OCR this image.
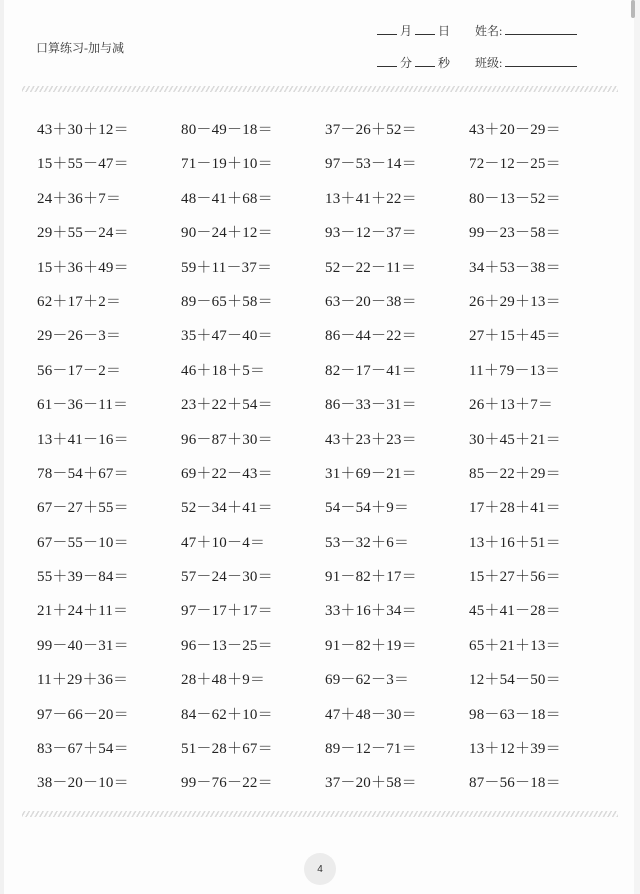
口算练习-加与减
月 日 姓名:
分 秒 班级:
43＋30＋12＝	80－49－18＝	37－26＋52＝	43＋20－29＝
15＋55－47＝	71－19＋10＝	97－53－14＝	72－12－25＝
24＋36＋7＝	48－41＋68＝	13＋41＋22＝	80－13－52＝
29＋55－24＝	90－24＋12＝	93－12－37＝	99－23－58＝
15＋36＋49＝	59＋11－37＝	52－22－11＝	34＋53－38＝
62＋17＋2＝	89－65＋58＝	63－20－38＝	26＋29＋13＝
29－26－3＝	35＋47－40＝	86－44－22＝	27＋15＋45＝
56－17－2＝	46＋18＋5＝	82－17－41＝	11＋79－13＝
61－36－11＝	23＋22＋54＝	86－33－31＝	26＋13＋7＝
13＋41－16＝	96－87＋30＝	43＋23＋23＝	30＋45＋21＝
78－54＋67＝	69＋22－43＝	31＋69－21＝	85－22＋29＝
67－27＋55＝	52－34＋41＝	54－54＋9＝	17＋28＋41＝
67－55－10＝	47＋10－4＝	53－32＋6＝	13＋16＋51＝
55＋39－84＝	57－24－30＝	91－82＋17＝	15＋27＋56＝
21＋24＋11＝	97－17＋17＝	33＋16＋34＝	45＋41－28＝
99－40－31＝	96－13－25＝	91－82＋19＝	65＋21＋13＝
11＋29＋36＝	28＋48＋9＝	69－62－3＝	12＋54－50＝
97－66－20＝	84－62＋10＝	47＋48－30＝	98－63－18＝
83－67＋54＝	51－28＋67＝	89－12－71＝	13＋12＋39＝
38－20－10＝	99－76－22＝	37－20＋58＝	87－56－18＝
4
